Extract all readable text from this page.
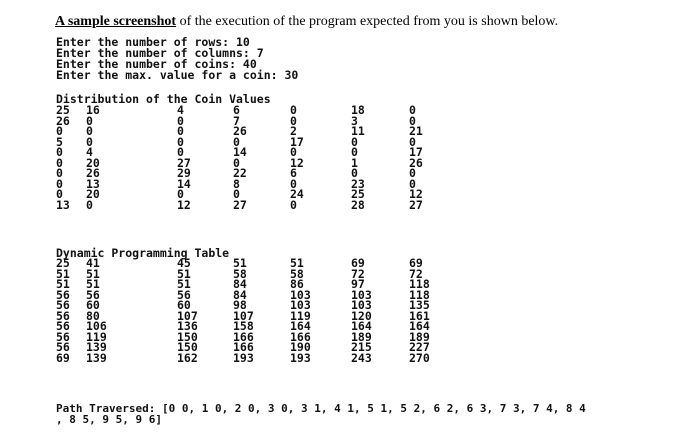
A sample screenshot of the execution of the program expected from you is shown below.
Enter the number of rows: 10
Enter the number of columns: 7
Enter the number of coins: 40
Enter the max. value for a coin: 30
Distribution of the Coin Values
25 16	4	6	0	18	0
26 0	0	7	0	3	0
0 0	0	26	2	11	21
5 0	0	0	17	0	0
0 4	0	14	0	0	17
0 20	27	0	12	1	26
0 26	29	22	6	0	0
0 13	14	8	0	23	0
0 20	0	0	24	25	12
13 0	12	27	0	28	27
Dynamic Programming Table
25 41	45	51	51	69	69
51 51	51	58	58	72	72
51 51	51	84	86	97	118
56 56	56	84	103	103	118
56 60	60	98	103	103	135
56 80	107	107	119	120	161
56 106	136	158	164	164	164
56 119	150	166	166	189	189
56 139	150	166	190	215	227
69 139	162	193	193	243	270
Path Traversed: [0 0, 1 0, 2 0, 3 0, 3 1, 4 1, 5 1, 5 2, 6 2, 6 3, 7 3, 7 4, 8 4
, 8 5, 9 5, 9 6]
